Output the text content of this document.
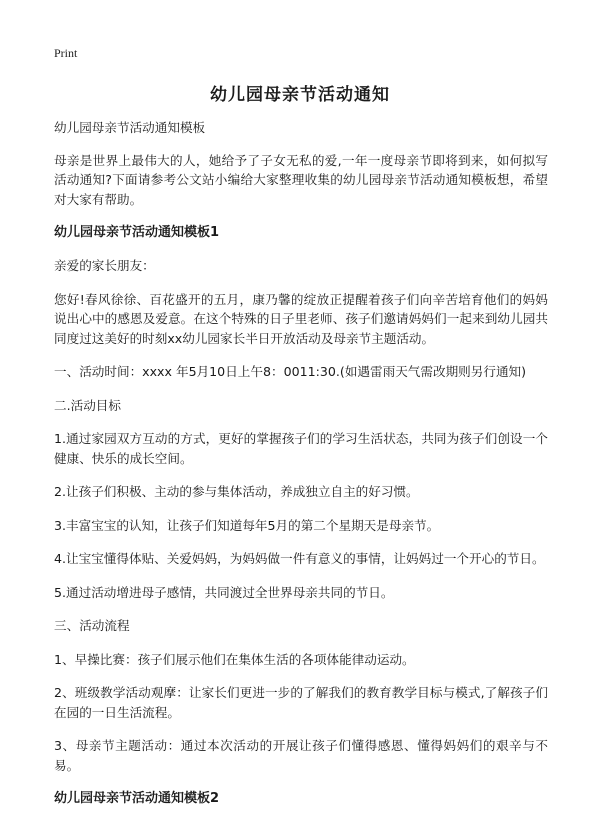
Print
幼儿园母亲节活动通知

幼儿园母亲节活动通知模板

母亲是世界上最伟大的人，她给予了子女无私的爱,一年一度母亲节即将到来，如何拟写活动通知?下面请参考公文站小编给大家整理收集的幼儿园母亲节活动通知模板想，希望对大家有帮助。

幼儿园母亲节活动通知模板1

亲爱的家长朋友：

您好!春风徐徐、百花盛开的五月，康乃馨的绽放正提醒着孩子们向辛苦培育他们的妈妈说出心中的感恩及爱意。在这个特殊的日子里老师、孩子们邀请妈妈们一起来到幼儿园共同度过这美好的时刻xx幼儿园家长半日开放活动及母亲节主题活动。

一、活动时间：xxxx 年5月10日上午8：0011:30.(如遇雷雨天气需改期则另行通知)

二.活动目标

1.通过家园双方互动的方式，更好的掌握孩子们的学习生活状态，共同为孩子们创设一个健康、快乐的成长空间。

2.让孩子们积极、主动的参与集体活动，养成独立自主的好习惯。

3.丰富宝宝的认知，让孩子们知道每年5月的第二个星期天是母亲节。

4.让宝宝懂得体贴、关爱妈妈，为妈妈做一件有意义的事情，让妈妈过一个开心的节日。

5.通过活动增进母子感情，共同渡过全世界母亲共同的节日。

三、活动流程

1、早操比赛：孩子们展示他们在集体生活的各项体能律动运动。

2、班级教学活动观摩：让家长们更进一步的了解我们的教育教学目标与模式,了解孩子们在园的一日生活流程。

3、母亲节主题活动：通过本次活动的开展让孩子们懂得感恩、懂得妈妈们的艰辛与不易。

幼儿园母亲节活动通知模板2
